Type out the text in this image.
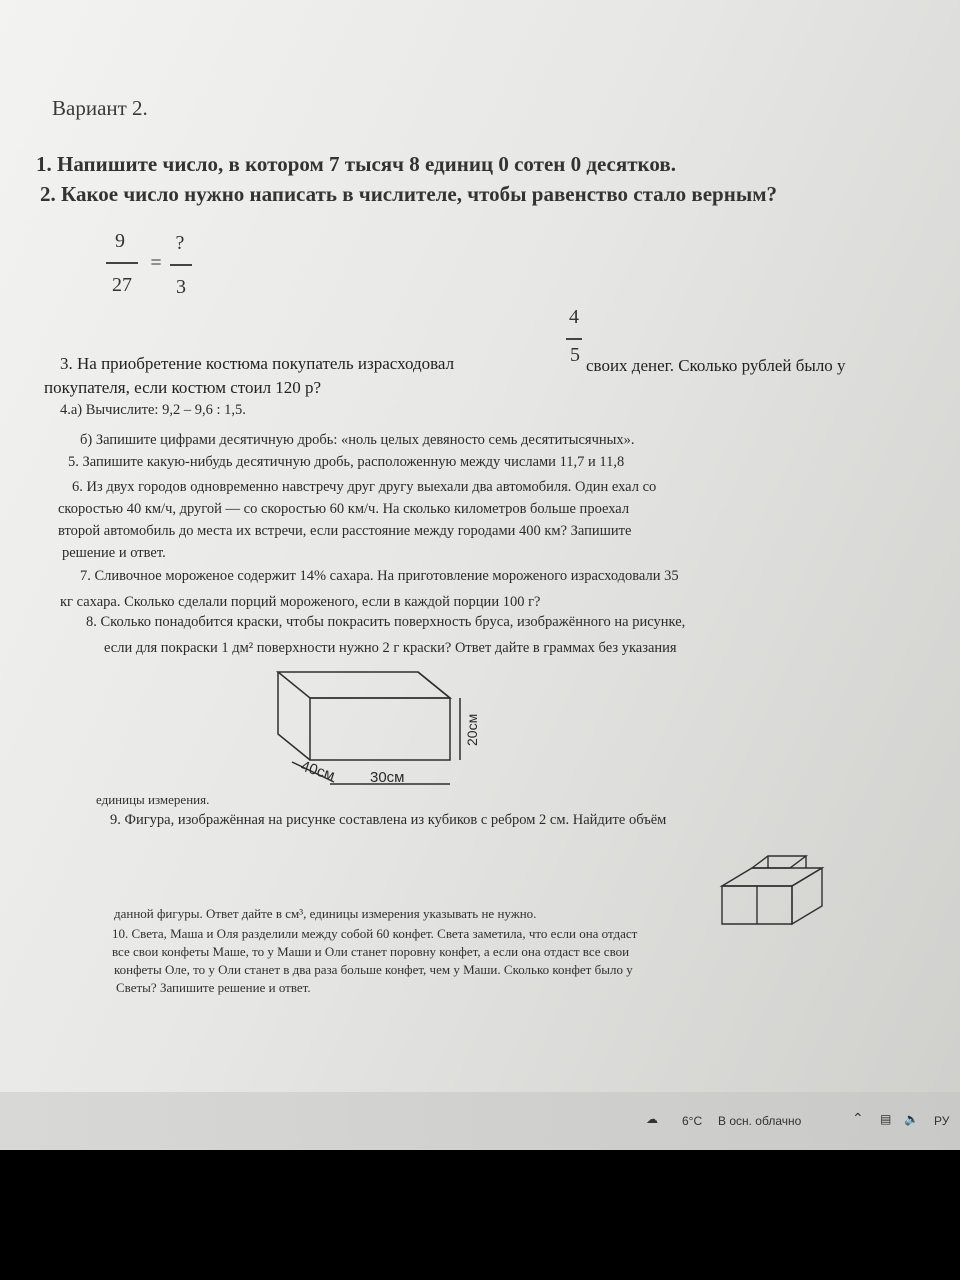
Вариант 2.
1. Напишите число, в котором 7 тысяч 8 единиц 0 сотен 0 десятков.
2. Какое число нужно написать в числителе, чтобы равенство стало верным?
9
27
=
?
3
4
5
3. На приобретение костюма покупатель израсходовал	своих денег. Сколько рублей было у
покупателя, если костюм стоил 120 р?
4.а) Вычислите: 9,2 – 9,6 : 1,5.
б) Запишите цифрами десятичную дробь: «ноль целых девяносто семь десятитысячных».
5. Запишите какую-нибудь десятичную дробь, расположенную между числами 11,7 и 11,8
6. Из двух городов одновременно навстречу друг другу выехали два автомобиля. Один ехал со
скоростью 40 км/ч, другой — со скоростью 60 км/ч. На сколько километров больше проехал
второй автомобиль до места их встречи, если расстояние между городами 400 км? Запишите
решение и ответ.
7. Сливочное мороженое содержит 14% сахара. На приготовление мороженого израсходовали 35
кг сахара. Сколько сделали порций мороженого, если в каждой порции 100 г?
8. Сколько понадобится краски, чтобы покрасить поверхность бруса, изображённого на рисунке,
если для покраски 1 дм² поверхности нужно 2 г краски? Ответ дайте в граммах без указания
40см 30см
20см
единицы измерения.
9. Фигура, изображённая на рисунке составлена из кубиков с ребром 2 см. Найдите объём
данной фигуры. Ответ дайте в см³, единицы измерения указывать не нужно.
10. Света, Маша и Оля разделили между собой 60 конфет. Света заметила, что если она отдаст
все свои конфеты Маше, то у Маши и Оли станет поровну конфет, а если она отдаст все свои
конфеты Оле, то у Оли станет в два раза больше конфет, чем у Маши. Сколько конфет было у
Светы? Запишите решение и ответ.
☁ 6°C В осн. облачно	⌃ ▤ 🔈 РУ
